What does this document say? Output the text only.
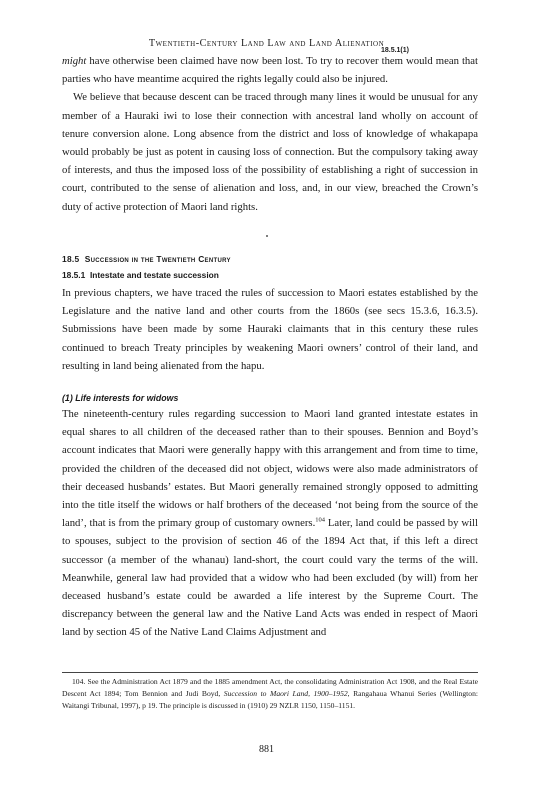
Twentieth-Century Land Law and Land Alienation
18.5.1(1)

might have otherwise been claimed have now been lost. To try to recover them would mean that parties who have meantime acquired the rights legally could also be injured.

We believe that because descent can be traced through many lines it would be unusual for any member of a Hauraki iwi to lose their connection with ancestral land wholly on account of tenure conversion alone. Long absence from the district and loss of knowledge of whakapapa would probably be just as potent in causing loss of connection. But the compulsory taking away of interests, and thus the imposed loss of the possibility of establishing a right of succession in court, contributed to the sense of alienation and loss, and, in our view, breached the Crown’s duty of active protection of Maori land rights.

18.5 Succession in the Twentieth Century
18.5.1 Intestate and testate succession

In previous chapters, we have traced the rules of succession to Maori estates established by the Legislature and the native land and other courts from the 1860s (see secs 15.3.6, 16.3.5). Submissions have been made by some Hauraki claimants that in this century these rules continued to breach Treaty principles by weakening Maori owners’ control of their land, and resulting in land being alienated from the hapu.

(1) Life interests for widows

The nineteenth-century rules regarding succession to Maori land granted intestate estates in equal shares to all children of the deceased rather than to their spouses. Bennion and Boyd’s account indicates that Maori were generally happy with this arrangement and from time to time, provided the children of the deceased did not object, widows were also made administrators of their deceased husbands’ estates. But Maori generally remained strongly opposed to admitting into the title itself the widows or half brothers of the deceased ‘not being from the source of the land’, that is from the primary group of customary owners.$^{104}$ Later, land could be passed by will to spouses, subject to the provision of section 46 of the 1894 Act that, if this left a direct successor (a member of the whanau) land-short, the court could vary the terms of the will. Meanwhile, general law had provided that a widow who had been excluded (by will) from her deceased husband’s estate could be awarded a life interest by the Supreme Court. The discrepancy between the general law and the Native Land Acts was ended in respect of Maori land by section 45 of the Native Land Claims Adjustment and

104. See the Administration Act 1879 and the 1885 amendment Act, the consolidating Administration Act 1908, and the Real Estate Descent Act 1894; Tom Bennion and Judi Boyd, Succession to Maori Land, 1900–1952, Rangahaua Whanui Series (Wellington: Waitangi Tribunal, 1997), p 19. The principle is discussed in (1910) 29 NZLR 1150, 1150–1151.
881
